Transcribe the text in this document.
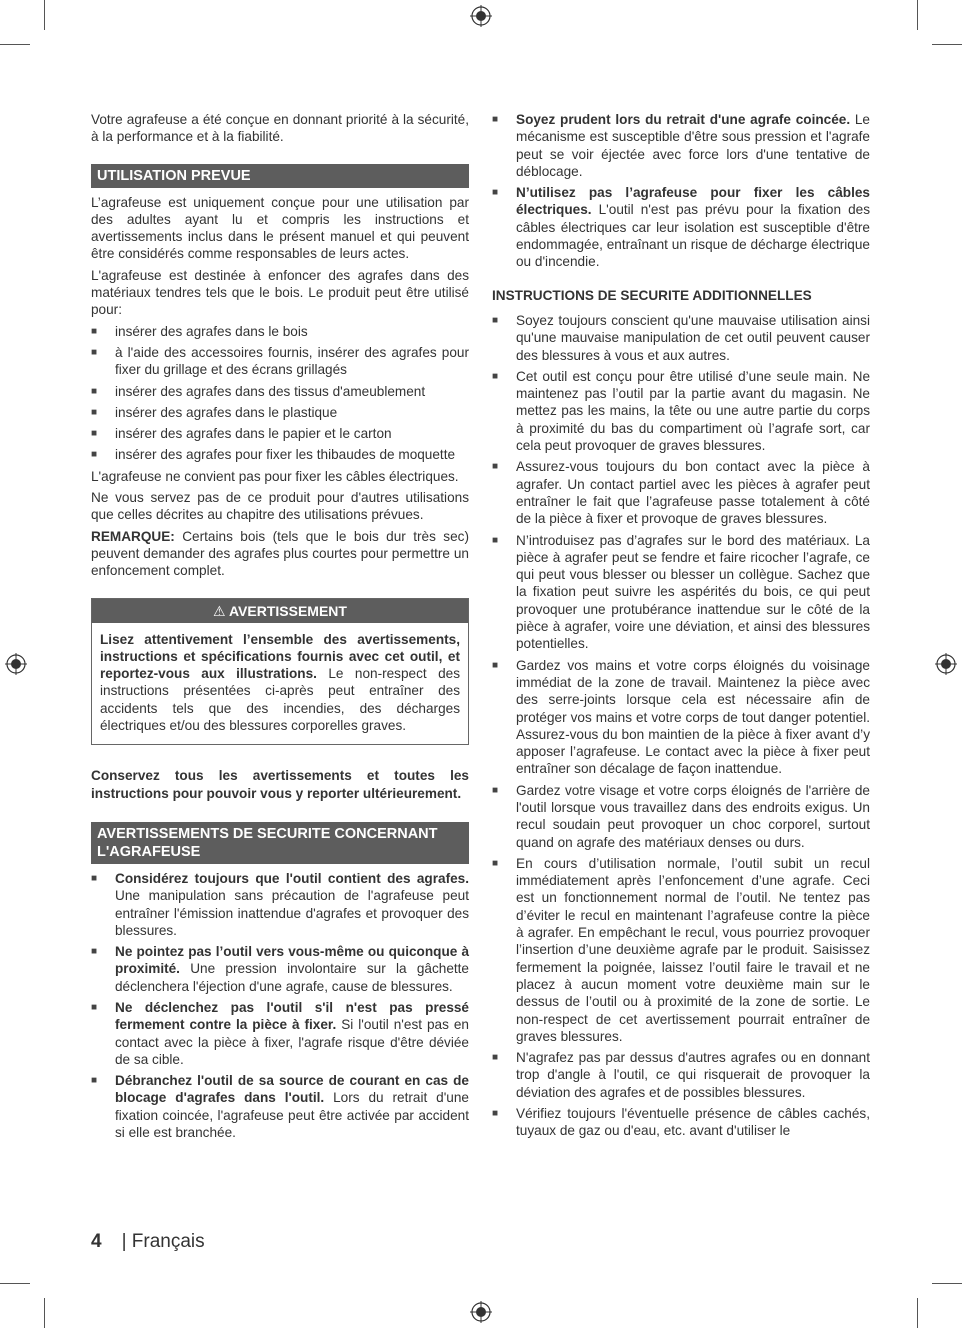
Votre agrafeuse a été conçue en donnant priorité à la sécurité, à la performance et à la fiabilité.

UTILISATION PREVUE

L’agrafeuse est uniquement conçue pour une utilisation par des adultes ayant lu et compris les instructions et avertissements inclus dans le présent manuel et qui peuvent être considérés comme responsables de leurs actes.

L'agrafeuse est destinée à enfoncer des agrafes dans des matériaux tendres tels que le bois. Le produit peut être utilisé pour:

■ insérer des agrafes dans le bois
■ à l'aide des accessoires fournis, insérer des agrafes pour fixer du grillage et des écrans grillagés
■ insérer des agrafes dans des tissus d'ameublement
■ insérer des agrafes dans le plastique
■ insérer des agrafes dans le papier et le carton
■ insérer des agrafes pour fixer les thibaudes de moquette

L'agrafeuse ne convient pas pour fixer les câbles électriques.

Ne vous servez pas de ce produit pour d'autres utilisations que celles décrites au chapitre des utilisations prévues.

REMARQUE: Certains bois (tels que le bois dur très sec) peuvent demander des agrafes plus courtes pour permettre un enfoncement complet.

⚠ AVERTISSEMENT
Lisez attentivement l’ensemble des avertissements, instructions et spécifications fournis avec cet outil, et reportez-vous aux illustrations. Le non-respect des instructions présentées ci-après peut entraîner des accidents tels que des incendies, des décharges électriques et/ou des blessures corporelles graves.

Conservez tous les avertissements et toutes les instructions pour pouvoir vous y reporter ultérieurement.

AVERTISSEMENTS DE SECURITE CONCERNANT L'AGRAFEUSE
■ Considérez toujours que l'outil contient des agrafes. Une manipulation sans précaution de l'agrafeuse peut entraîner l'émission inattendue d'agrafes et provoquer des blessures.
■ Ne pointez pas l’outil vers vous-même ou quiconque à proximité. Une pression involontaire sur la gâchette déclenchera l'éjection d'une agrafe, cause de blessures.
■ Ne déclenchez pas l'outil s'il n'est pas pressé fermement contre la pièce à fixer. Si l'outil n'est pas en contact avec la pièce à fixer, l'agrafe risque d'être déviée de sa cible.
■ Débranchez l'outil de sa source de courant en cas de blocage d'agrafes dans l'outil. Lors du retrait d'une fixation coincée, l'agrafeuse peut être activée par accident si elle est branchée.
■ Soyez prudent lors du retrait d'une agrafe coincée. Le mécanisme est susceptible d'être sous pression et l'agrafe peut se voir éjectée avec force lors d'une tentative de déblocage.
■ N’utilisez pas l’agrafeuse pour fixer les câbles électriques. L'outil n'est pas prévu pour la fixation des câbles électriques car leur isolation est susceptible d'être endommagée, entraînant un risque de décharge électrique ou d'incendie.
INSTRUCTIONS DE SECURITE ADDITIONNELLES
■ Soyez toujours conscient qu'une mauvaise utilisation ainsi qu'une mauvaise manipulation de cet outil peuvent causer des blessures à vous et aux autres.
■ Cet outil est conçu pour être utilisé d’une seule main. Ne maintenez pas l’outil par la partie avant du magasin. Ne mettez pas les mains, la tête ou une autre partie du corps à proximité du bas du compartiment où l’agrafe sort, car cela peut provoquer de graves blessures.
■ Assurez-vous toujours du bon contact avec la pièce à agrafer. Un contact partiel avec les pièces à agrafer peut entraîner le fait que l’agrafeuse passe totalement à côté de la pièce à fixer et provoque de graves blessures.
■ N’introduisez pas d’agrafes sur le bord des matériaux. La pièce à agrafer peut se fendre et faire ricocher l’agrafe, ce qui peut vous blesser ou blesser un collègue. Sachez que la fixation peut suivre les aspérités du bois, ce qui peut provoquer une protubérance inattendue sur le côté de la pièce à agrafer, voire une déviation, et ainsi des blessures potentielles.
■ Gardez vos mains et votre corps éloignés du voisinage immédiat de la zone de travail. Maintenez la pièce avec des serre-joints lorsque cela est nécessaire afin de protéger vos mains et votre corps de tout danger potentiel. Assurez-vous du bon maintien de la pièce à fixer avant d’y apposer l’agrafeuse. Le contact avec la pièce à fixer peut entraîner son décalage de façon inattendue.
■ Gardez votre visage et votre corps éloignés de l'arrière de l'outil lorsque vous travaillez dans des endroits exigus. Un recul soudain peut provoquer un choc corporel, surtout quand on agrafe des matériaux denses ou durs.
■ En cours d’utilisation normale, l’outil subit un recul immédiatement après l’enfoncement d’une agrafe. Ceci est un fonctionnement normal de l’outil. Ne tentez pas d’éviter le recul en maintenant l’agrafeuse contre la pièce à agrafer. En empêchant le recul, vous pourriez provoquer l’insertion d’une deuxième agrafe par le produit. Saisissez fermement la poignée, laissez l’outil faire le travail et ne placez à aucun moment votre deuxième main sur le dessus de l’outil ou à proximité de la zone de sortie. Le non-respect de cet avertissement pourrait entraîner de graves blessures.
■ N'agrafez pas par dessus d'autres agrafes ou en donnant trop d'angle à l'outil, ce qui risquerait de provoquer la déviation des agrafes et de possibles blessures.
■ Vérifiez toujours l'éventuelle présence de câbles cachés, tuyaux de gaz ou d'eau, etc. avant d'utiliser le
4 | Français
